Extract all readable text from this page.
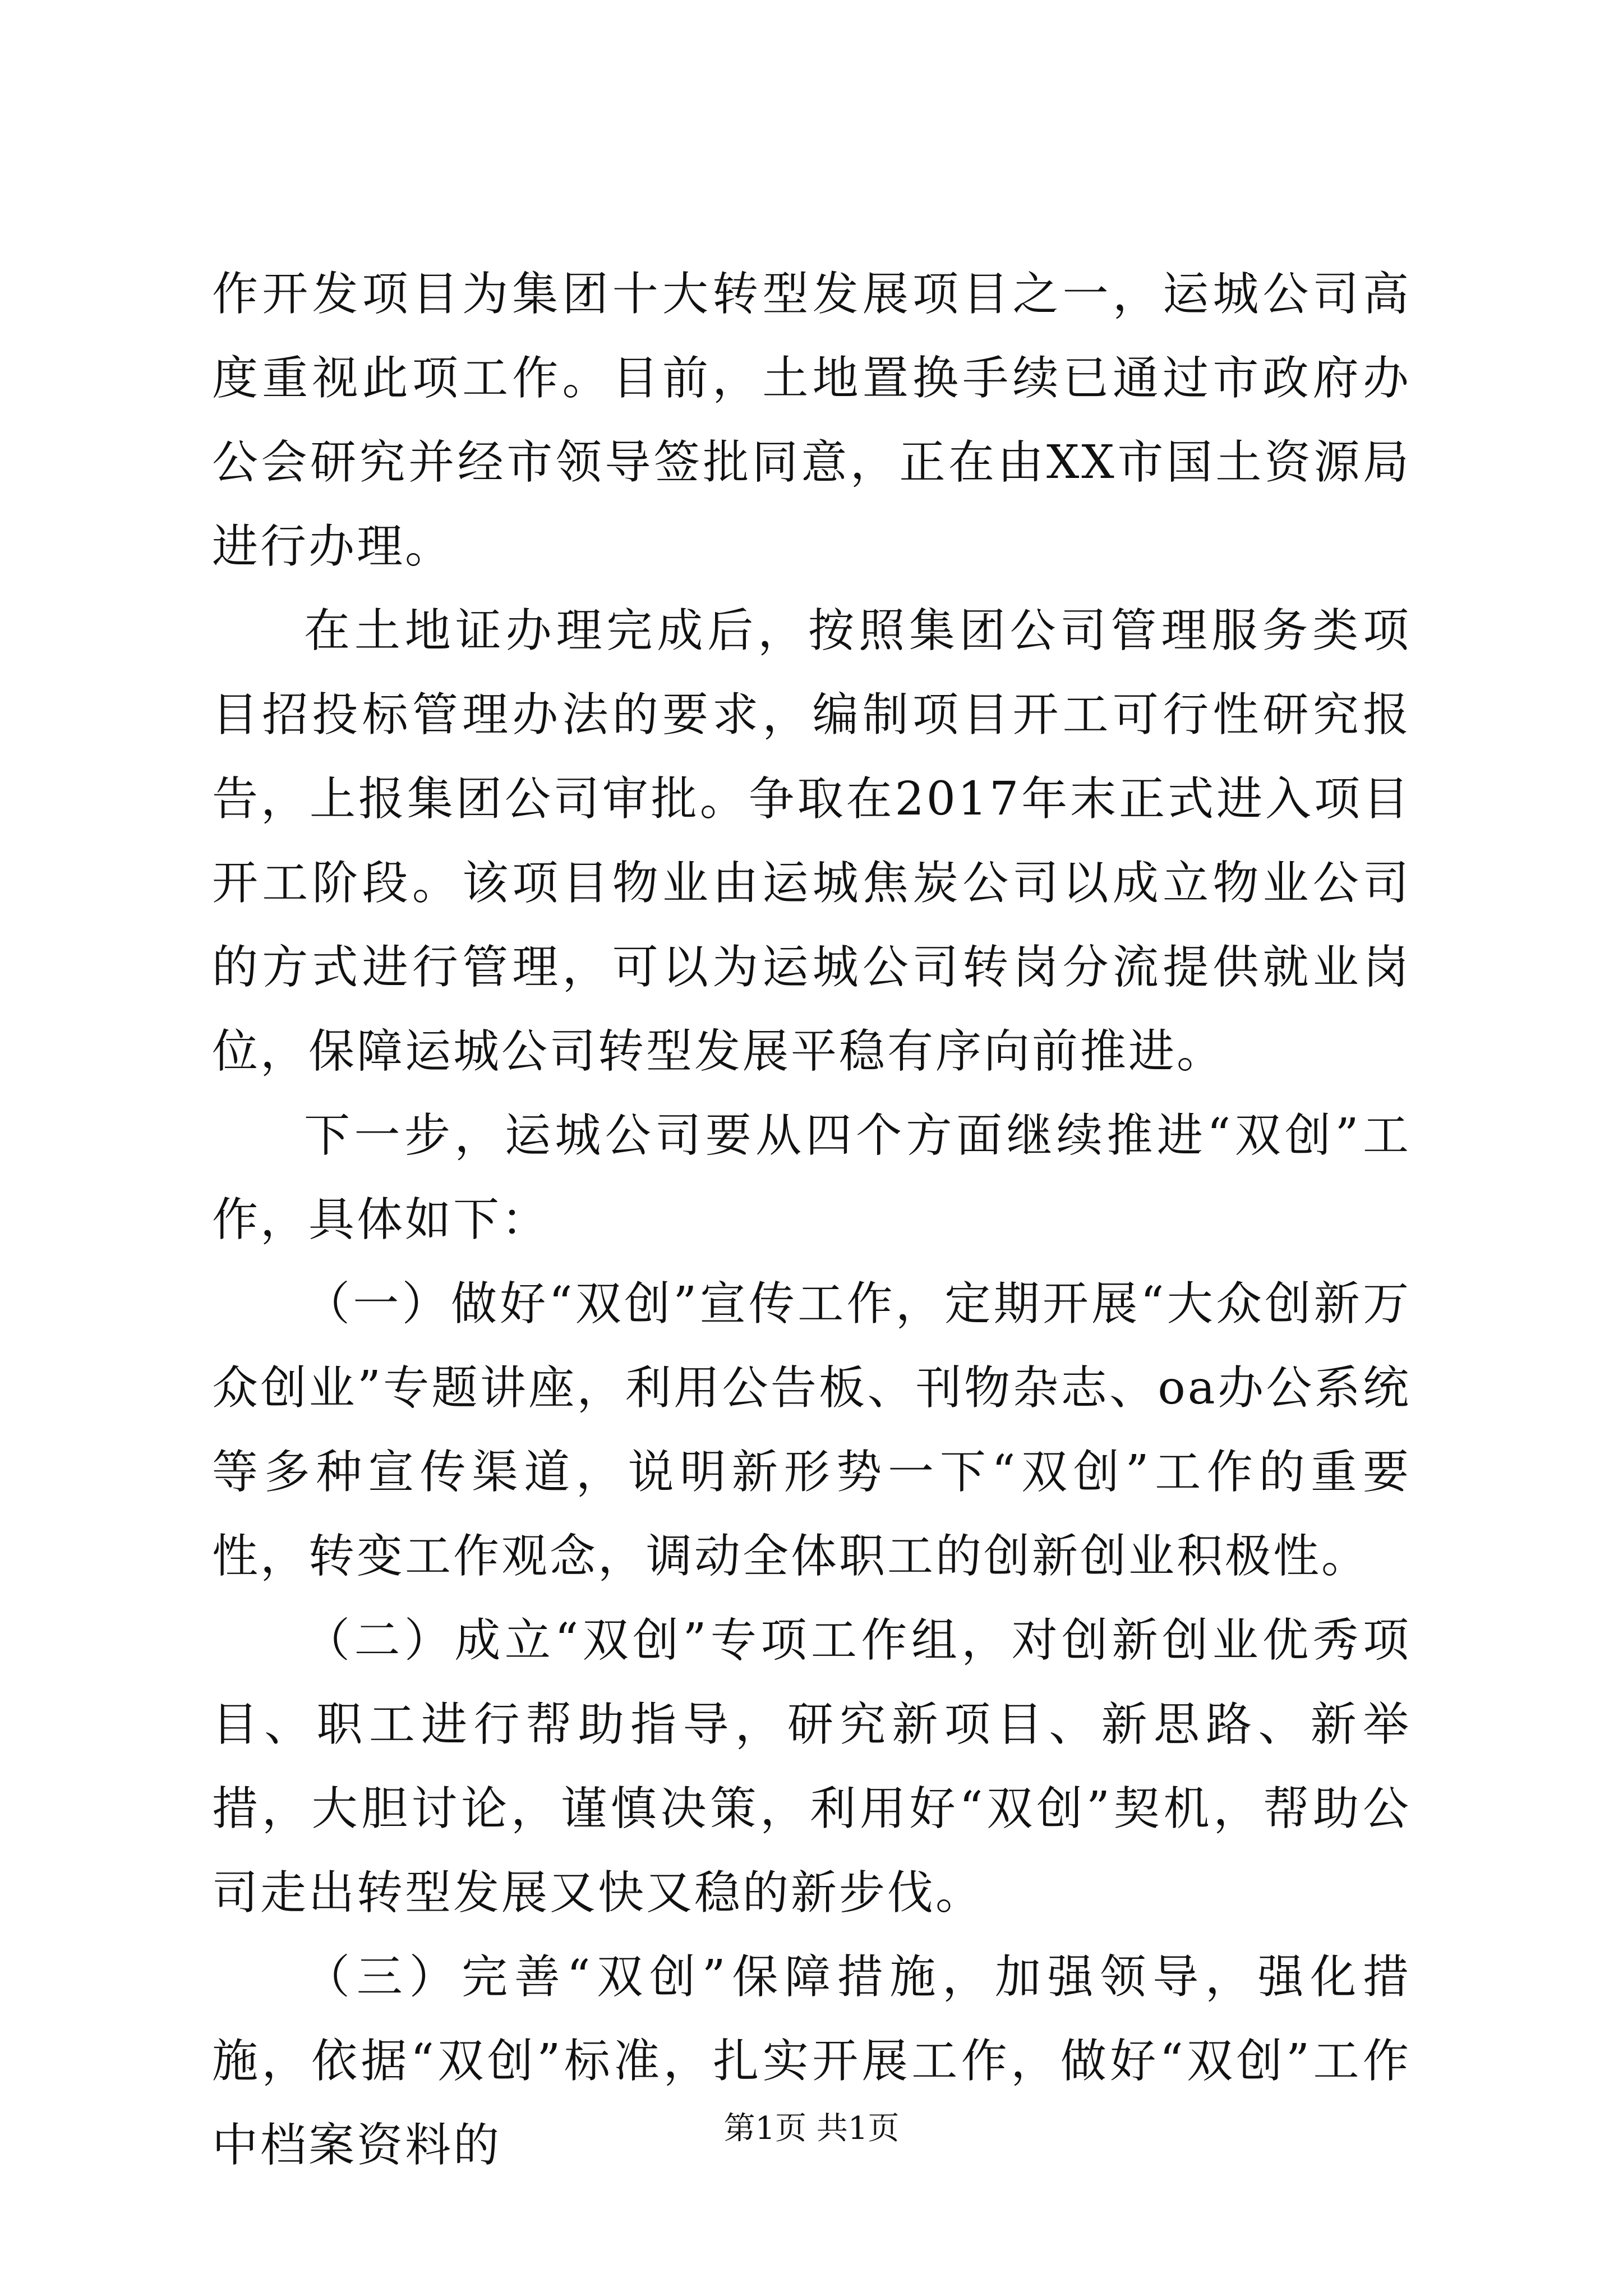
作开发项目为集团十大转型发展项目之一，运城公司高度重视此项工作。目前，土地置换手续已通过市政府办公会研究并经市领导签批同意，正在由XX市国土资源局进行办理。

在土地证办理完成后，按照集团公司管理服务类项目招投标管理办法的要求，编制项目开工可行性研究报告，上报集团公司审批。争取在2017年末正式进入项目开工阶段。该项目物业由运城焦炭公司以成立物业公司的方式进行管理，可以为运城公司转岗分流提供就业岗位，保障运城公司转型发展平稳有序向前推进。

下一步，运城公司要从四个方面继续推进“双创”工作，具体如下：

（一）做好“双创”宣传工作，定期开展“大众创新万众创业”专题讲座，利用公告板、刊物杂志、oa办公系统等多种宣传渠道，说明新形势一下“双创”工作的重要性，转变工作观念，调动全体职工的创新创业积极性。

（二）成立“双创”专项工作组，对创新创业优秀项目、职工进行帮助指导，研究新项目、新思路、新举措，大胆讨论，谨慎决策，利用好“双创”契机，帮助公司走出转型发展又快又稳的新步伐。

（三）完善“双创”保障措施，加强领导，强化措施，依据“双创”标准，扎实开展工作，做好“双创”工作中档案资料的	第1页 共1页
